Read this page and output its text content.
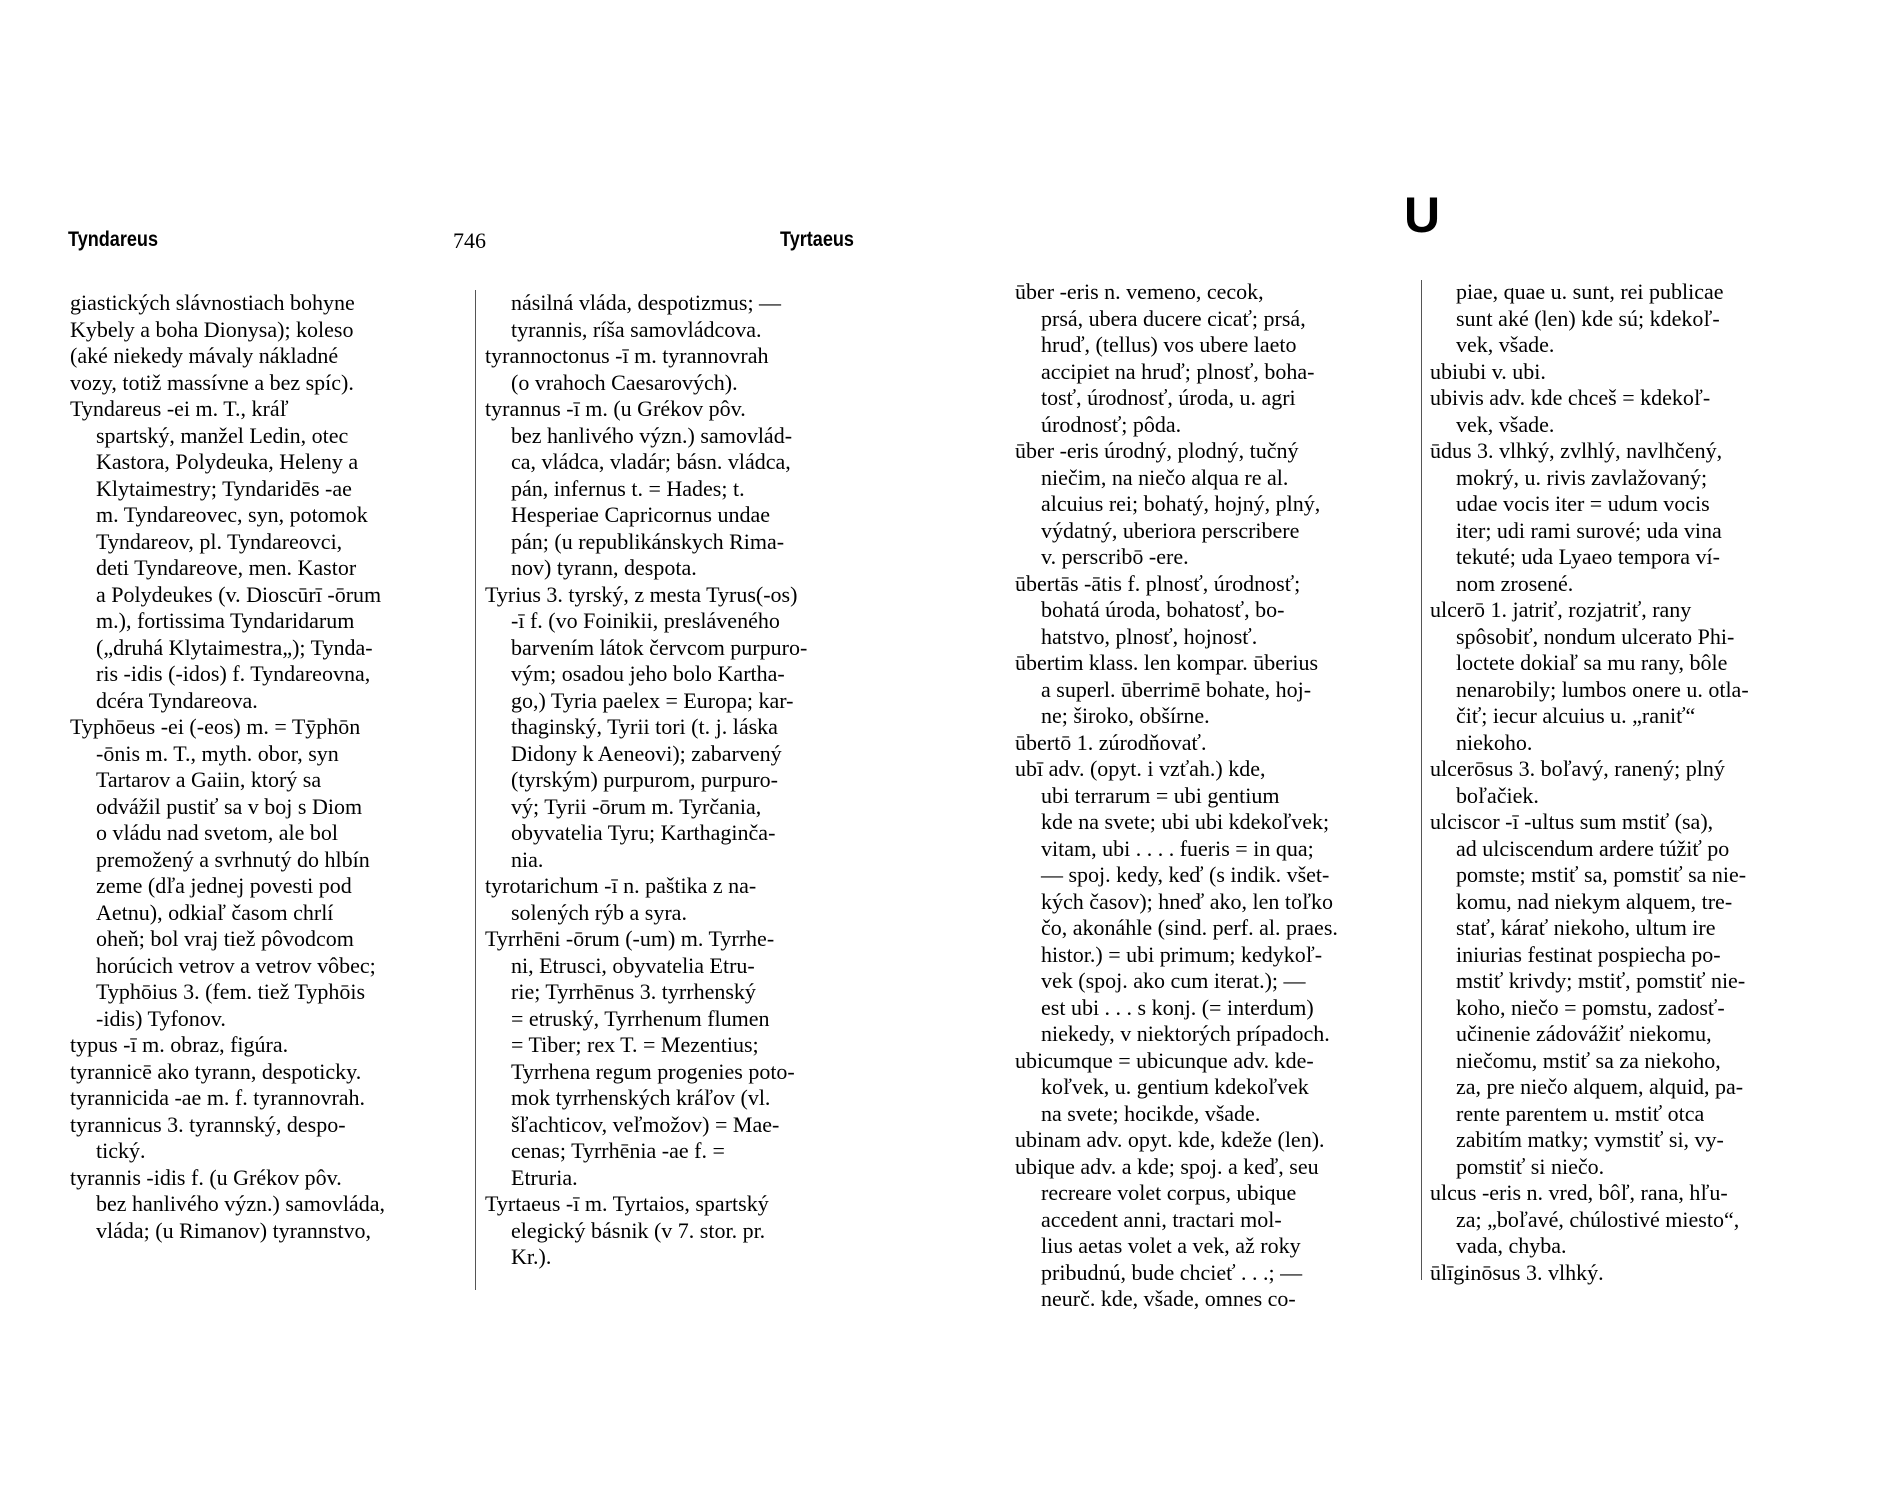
Tyndareus	746	Tyrtaeus	U
giastických slávnostiach bohyne
Kybely a boha Dionysa); koleso
(aké niekedy mávaly nákladné
vozy, totiž massívne a bez spíc).
Tyndareus -ei m. T., kráľ
spartský, manžel Ledin, otec
Kastora, Polydeuka, Heleny a
Klytaimestry; Tyndaridēs -ae
m. Tyndareovec, syn, potomok
Tyndareov, pl. Tyndareovci,
deti Tyndareove, men. Kastor
a Polydeukes (v. Dioscūrī -ōrum
m.), fortissima Tyndaridarum
(„druhá Klytaimestra„); Tynda-
ris -idis (-idos) f. Tyndareovna,
dcéra Tyndareova.
Typhōeus -ei (-eos) m. = Tȳphōn
-ōnis m. T., myth. obor, syn
Tartarov a Gaiin, ktorý sa
odvážil pustiť sa v boj s Diom
o vládu nad svetom, ale bol
premožený a svrhnutý do hlbín
zeme (dľa jednej povesti pod
Aetnu), odkiaľ časom chrlí
oheň; bol vraj tiež pôvodcom
horúcich vetrov a vetrov vôbec;
Typhōius 3. (fem. tiež Typhōis
-idis) Tyfonov.
typus -ī m. obraz, figúra.
tyrannicē ako tyrann, despoticky.
tyrannicida -ae m. f. tyrannovrah.
tyrannicus 3. tyrannský, despo-
tický.
tyrannis -idis f. (u Grékov pôv.
bez hanlivého význ.) samovláda,
vláda; (u Rimanov) tyrannstvo,
násilná vláda, despotizmus; —
tyrannis, ríša samovládcova.
tyrannoctonus -ī m. tyrannovrah
(o vrahoch Caesarových).
tyrannus -ī m. (u Grékov pôv.
bez hanlivého význ.) samovlád-
ca, vládca, vladár; básn. vládca,
pán, infernus t. = Hades; t.
Hesperiae Capricornus undae
pán; (u republikánskych Rima-
nov) tyrann, despota.
Tyrius 3. tyrský, z mesta Tyrus(-os)
-ī f. (vo Foinikii, preslávenéһo
barvením látok červcom purpuro-
vým; osadou jeho bolo Kartha-
go,) Tyria paelex = Europa; kar-
thaginský, Tyrii tori (t. j. láska
Didony k Aeneovi); zabarvený
(tyrským) purpurom, purpuro-
vý; Tyrii -ōrum m. Tyrčania,
obyvatelia Tyru; Karthaginča-
nia.
tyrotarichum -ī n. paštika z na-
solených rýb a syra.
Tyrrhēni -ōrum (-um) m. Tyrrhe-
ni, Etrusci, obyvatelia Etru-
rie; Tyrrhēnus 3. tyrrhenský
= etruský, Tyrrhenum flumen
= Tiber; rex T. = Mezentius;
Tyrrhena regum progenies poto-
mok tyrrhenských kráľov (vl.
šľachticov, veľmožov) = Mae-
cenas; Tyrrhēnia -ae f. =
Etruria.
Tyrtaeus -ī m. Tyrtaios, spartský
elegický básnik (v 7. stor. pr.
Kr.).
ūber -eris n. vemeno, cecok,
prsá, ubera ducere cicať; prsá,
hruď, (tellus) vos ubere laeto
accipiet na hruď; plnosť, boha-
tosť, úrodnosť, úroda, u. agri
úrodnosť; pôda.
ūber -eris úrodný, plodný, tučný
niečim, na niečo alqua re al.
alcuius rei; bohatý, hojný, plný,
výdatný, uberiora perscribere
v. perscribō -ere.
ūbertās -ātis f. plnosť, úrodnosť;
bohatá úroda, bohatosť, bo-
hatstvo, plnosť, hojnosť.
ūbertim klass. len kompar. ūberius
a superl. ūberrimē bohate, hoj-
ne; široko, obšírne.
ūbertō 1. zúrodňovať.
ubī adv. (opyt. i vzťah.) kde,
ubi terrarum = ubi gentium
kde na svete; ubi ubi kdekoľvek;
vitam, ubi . . . . fueris = in qua;
— spoj. kedy, keď (s indik. všet-
kých časov); hneď ako, len toľko
čo, akonáhle (sind. perf. al. praes.
histor.) = ubi primum; kedykoľ-
vek (spoj. ako cum iterat.); —
est ubi . . . s konj. (= interdum)
niekedy, v niektorých prípadoch.
ubicumque = ubicunque adv. kde-
koľvek, u. gentium kdekoľvek
na svete; hocikde, všade.
ubinam adv. opyt. kde, kdeže (len).
ubique adv. a kde; spoj. a keď, seu
recreare volet corpus, ubique
accedent anni, tractari mol-
lius aetas volet a vek, až roky
pribudnú, bude chcieť . . .; —
neurč. kde, všade, omnes co-
piae, quae u. sunt, rei publicae
sunt aké (len) kde sú; kdekoľ-
vek, všade.
ubiubi v. ubi.
ubivis adv. kde chceš = kdekoľ-
vek, všade.
ūdus 3. vlhký, zvlhlý, navlhčený,
mokrý, u. rivis zavlažovaný;
udae vocis iter = udum vocis
iter; udi rami surové; uda vina
tekuté; uda Lyaeo tempora ví-
nom zrosené.
ulcerō 1. jatriť, rozjatriť, rany
spôsobiť, nondum ulcerato Phi-
loctete dokiaľ sa mu rany, bôle
nenarobily; lumbos onere u. otla-
čiť; iecur alcuius u. „raniť“
niekoho.
ulcerōsus 3. boľavý, ranený; plný
boľačiek.
ulciscor -ī -ultus sum mstiť (sa),
ad ulciscendum ardere túžiť po
pomste; mstiť sa, pomstiť sa nie-
komu, nad niekym alquem, tre-
stať, kárať niekoho, ultum ire
iniurias festinat pospiecha po-
mstiť krivdy; mstiť, pomstiť nie-
koho, niečo = pomstu, zadosť-
učinenie zádovážiť niekomu,
niečomu, mstiť sa za niekoho,
za, pre niečo alquem, alquid, pa-
rente parentem u. mstiť otca
zabitím matky; vymstiť si, vy-
pomstiť si niečo.
ulcus -eris n. vred, bôľ, rana, hľu-
za; „boľavé, chúlostivé miesto“,
vada, chyba.
ūlīginōsus 3. vlhký.
